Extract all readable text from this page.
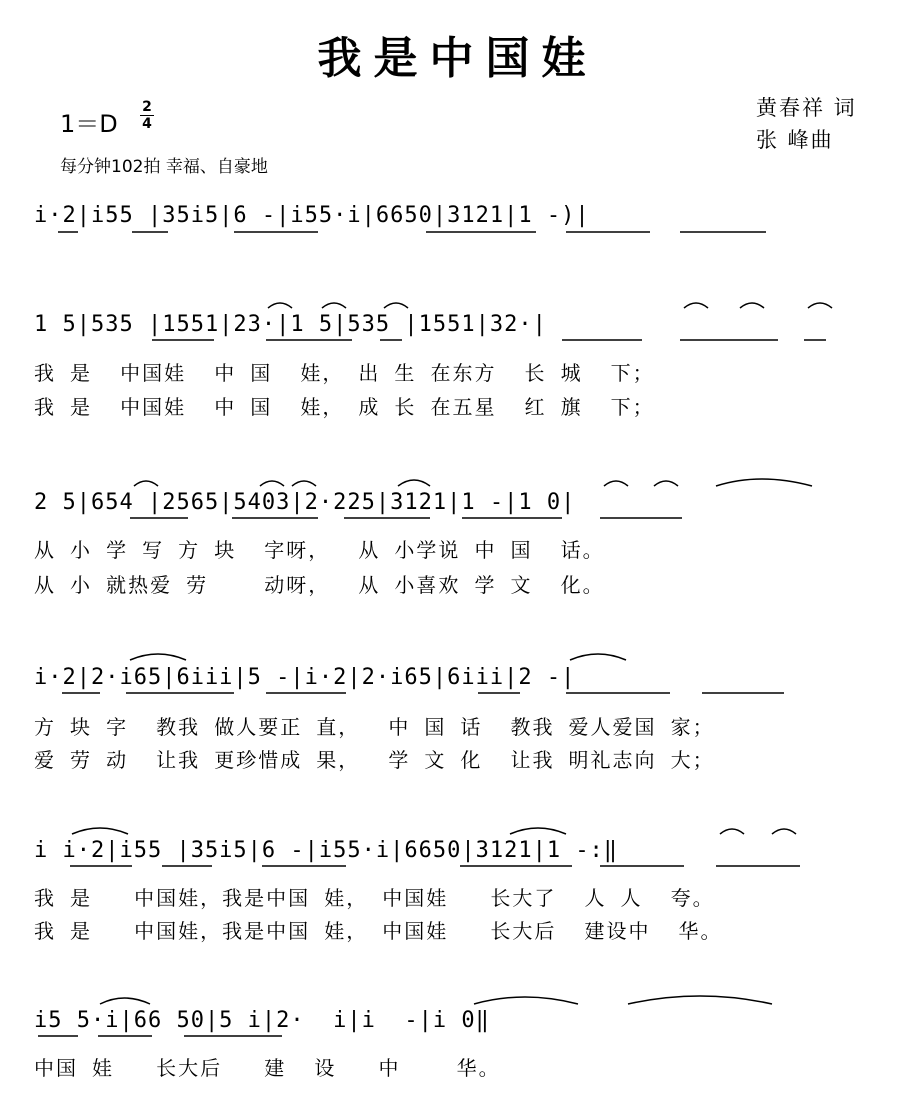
我是中国娃
1＝D
2
4
每分钟102拍 幸福、自豪地
黄春祥 词
张 峰曲
i·2|i55 |35i5|6 -|i55·i|6650|3121|1 -)|
1 5|535 |1551|23·|1 5|535 |1551|32·|
我 是  中国娃  中 国  娃， 出 生 在东方  长 城  下；
我 是  中国娃  中 国  娃， 成 长 在五星  红 旗  下；
2 5|654 |2565|5403|2·225|3121|1 -|1 0|
从 小 学 写 方 块  字呀，  从 小学说 中 国  话。
从 小 就热爱 劳    动呀，  从 小喜欢 学 文  化。
i·2|2·i65|6iii|5 -|i·2|2·i65|6iii|2 -|
方 块 字  教我 做人要正 直，  中 国 话  教我 爱人爱国 家；
爱 劳 动  让我 更珍惜成 果，  学 文 化  让我 明礼志向 大；
i i·2|i55 |35i5|6 -|i55·i|6650|3121|1 -:‖
我 是   中国娃，我是中国 娃， 中国娃   长大了  人 人  夸。
我 是   中国娃，我是中国 娃， 中国娃   长大后  建设中  华。
i5 5·i|66 50|5 i|2·  i|i  -|i 0‖
中国 娃   长大后   建  设   中    华。
